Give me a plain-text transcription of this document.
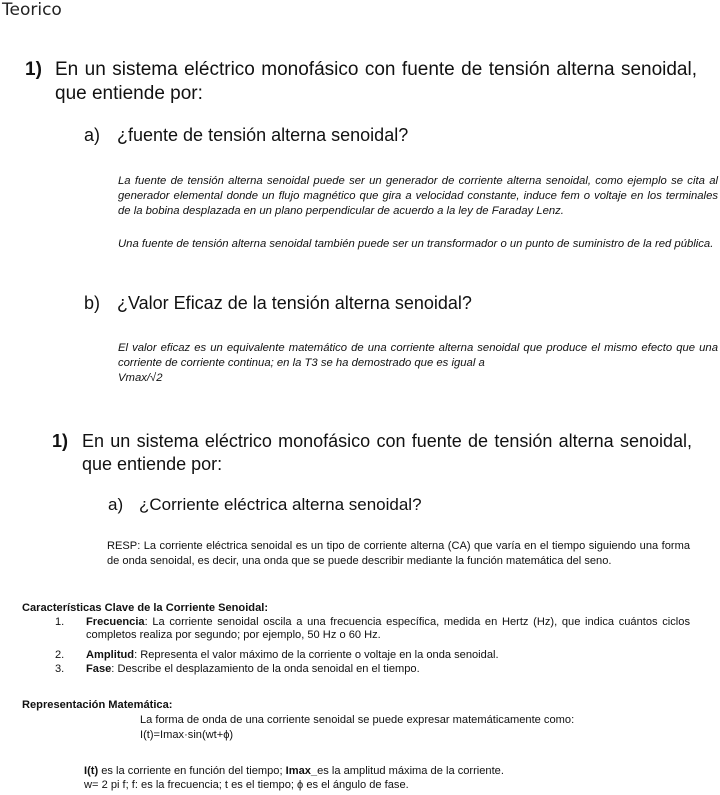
Teorico
1) En un sistema eléctrico monofásico con fuente de tensión alterna senoidal, que entiende por:
a) ¿fuente de tensión alterna senoidal?
La fuente de tensión alterna senoidal puede ser un generador de corriente alterna senoidal, como ejemplo se cita al generador elemental donde un flujo magnético que gira a velocidad constante, induce fem o voltaje en los terminales de la bobina desplazada en un plano perpendicular de acuerdo a la ley de Faraday Lenz.
Una fuente de tensión alterna senoidal también puede ser un transformador o un punto de suministro de la red pública.
b) ¿Valor Eficaz de la tensión alterna senoidal?
El valor eficaz es un equivalente matemático de una corriente alterna senoidal que produce el mismo efecto que una corriente de corriente continua; en la T3 se ha demostrado que es igual a
Vmax/√2
1) En un sistema eléctrico monofásico con fuente de tensión alterna senoidal, que entiende por:
a) ¿Corriente eléctrica alterna senoidal?
RESP: La corriente eléctrica senoidal es un tipo de corriente alterna (CA) que varía en el tiempo siguiendo una forma de onda senoidal, es decir, una onda que se puede describir mediante la función matemática del seno.
Características Clave de la Corriente Senoidal:
1. Frecuencia: La corriente senoidal oscila a una frecuencia específica, medida en Hertz (Hz), que indica cuántos ciclos completos realiza por segundo; por ejemplo, 50 Hz o 60 Hz.
2. Amplitud: Representa el valor máximo de la corriente o voltaje en la onda senoidal.
3. Fase: Describe el desplazamiento de la onda senoidal en el tiempo.
Representación Matemática:
La forma de onda de una corriente senoidal se puede expresar matemáticamente como:
I(t)=Imax·sin(wt+ϕ)
I(t) es la corriente en función del tiempo; Imax_es la amplitud máxima de la corriente.
w= 2 pi f; f: es la frecuencia; t es el tiempo; ϕ es el ángulo de fase.
